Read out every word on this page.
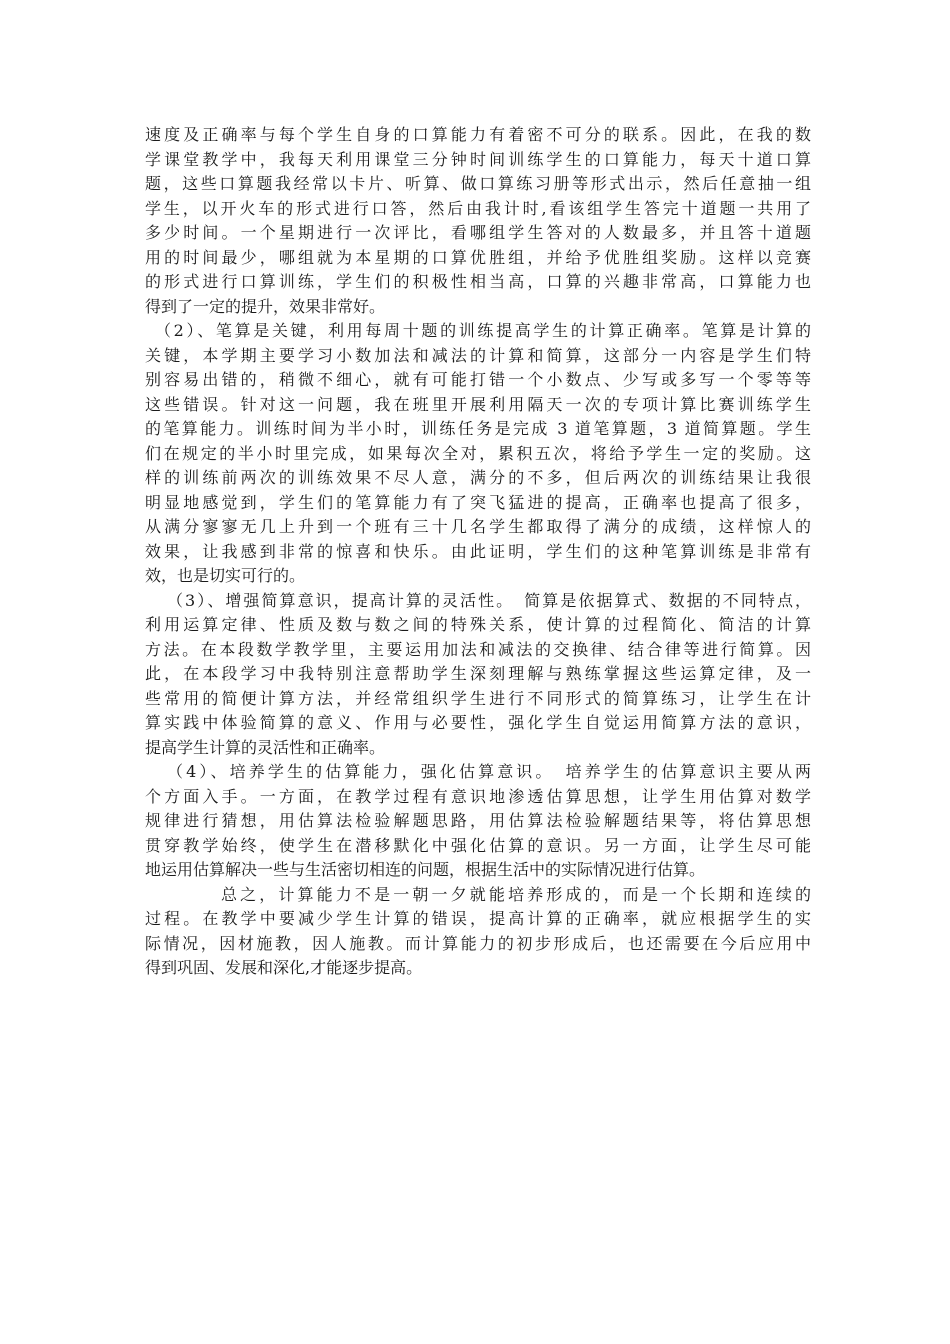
速度及正确率与每个学生自身的口算能力有着密不可分的联系。因此，在我的数
学课堂教学中，我每天利用课堂三分钟时间训练学生的口算能力，每天十道口算
题，这些口算题我经常以卡片、听算、做口算练习册等形式出示，然后任意抽一组
学生，以开火车的形式进行口答，然后由我计时,看该组学生答完十道题一共用了
多少时间。一个星期进行一次评比，看哪组学生答对的人数最多，并且答十道题
用的时间最少，哪组就为本星期的口算优胜组，并给予优胜组奖励。这样以竞赛
的形式进行口算训练，学生们的积极性相当高，口算的兴趣非常高，口算能力也
得到了一定的提升，效果非常好。

（2）、笔算是关键，利用每周十题的训练提高学生的计算正确率。笔算是计算的

关键，本学期主要学习小数加法和减法的计算和简算，这部分一内容是学生们特
别容易出错的，稍微不细心，就有可能打错一个小数点、少写或多写一个零等等
这些错误。针对这一问题，我在班里开展利用隔天一次的专项计算比赛训练学生
的笔算能力。训练时间为半小时，训练任务是完成 3 道笔算题，3 道简算题。学生
们在规定的半小时里完成，如果每次全对，累积五次，将给予学生一定的奖励。这
样的训练前两次的训练效果不尽人意，满分的不多，但后两次的训练结果让我很
明显地感觉到，学生们的笔算能力有了突飞猛进的提高，正确率也提高了很多，
从满分寥寥无几上升到一个班有三十几名学生都取得了满分的成绩，这样惊人的
效果，让我感到非常的惊喜和快乐。由此证明，学生们的这种笔算训练是非常有
效，也是切实可行的。

（3）、增强简算意识，提高计算的灵活性。　简算是依据算式、数据的不同特点，

利用运算定律、性质及数与数之间的特殊关系，使计算的过程简化、简洁的计算
方法。在本段数学教学里，主要运用加法和减法的交换律、结合律等进行简算。因
此，在本段学习中我特别注意帮助学生深刻理解与熟练掌握这些运算定律，及一
些常用的简便计算方法，并经常组织学生进行不同形式的简算练习，让学生在计
算实践中体验简算的意义、作用与必要性，强化学生自觉运用简算方法的意识，
提高学生计算的灵活性和正确率。

（4）、培养学生的估算能力，强化估算意识。　培养学生的估算意识主要从两

个方面入手。一方面，在教学过程有意识地渗透估算思想，让学生用估算对数学
规律进行猜想，用估算法检验解题思路，用估算法检验解题结果等，将估算思想
贯穿教学始终，使学生在潜移默化中强化估算的意识。另一方面，让学生尽可能
地运用估算解决一些与生活密切相连的问题，根据生活中的实际情况进行估算。

总之，计算能力不是一朝一夕就能培养形成的，而是一个长期和连续的

过程。在教学中要减少学生计算的错误，提高计算的正确率，就应根据学生的实
际情况，因材施教，因人施教。而计算能力的初步形成后，也还需要在今后应用中
得到巩固、发展和深化,才能逐步提高。
